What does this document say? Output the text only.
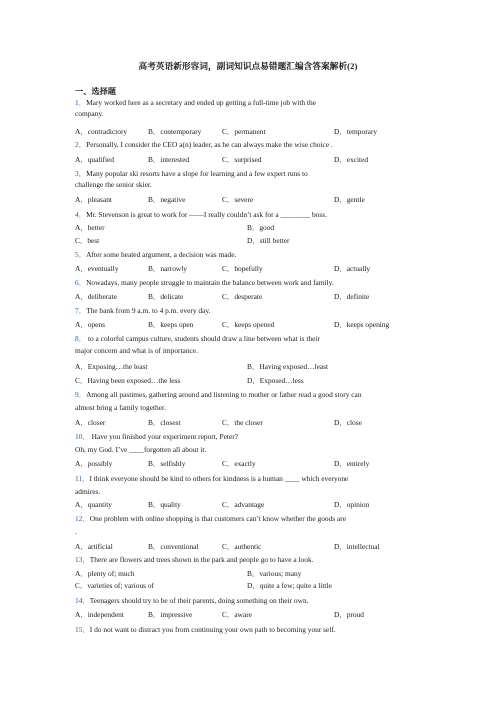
高考英语新形容词，副词知识点易错题汇编含答案解析(2)
一、选择题
1．Mary worked here as a secretary and ended up getting a full-time job with the
company.
A．contradictory	B．contemporary	C．permanent	D．temporary
2．Personally, I consider the CEO a(n) leader, as he can always make the wise choice .
A．qualified	B．interested	C．surprised	D．excited
3．Many popular ski resorts have a slope for learning and a few expert runs to
challenge the senior skier.
A．pleasant	B．negative	C．severe	D．gentle
4．Mr. Stevenson is great to work for ——I really couldn’t ask for a ________ boss.
A．better	B．good
C．best	D．still better
5．After some heated argument, a decision was made.
A．eventually	B．narrowly	C．hopefully	D．actually
6．Nowadays, many people struggle to maintain the balance between work and family.
A．deliberate	B．delicate	C．desperate	D．definite
7．The bank from 9 a.m. to 4 p.m. every day.
A．opens	B．keeps open	C．keeps opened	D．keeps opening
8． to a colorful campus culture, students should draw a line between what is their
major concern and what is of importance.
A．Exposing…the least	B．Having exposed…least
C．Having been exposed…the less	D．Exposed…less
9．Among all pastimes, gathering around and listening to mother or father read a good story can
almost bring a family together.
A．closer	B．closest	C．the closer	D．close
10． Have you finished your experiment report, Peter?
Oh, my God. I’ve ____forgotten all about it.
A．possibly	B．selfishly	C．exactly	D．entirely
11．I think everyone should be kind to others for kindness is a human ____ which everyone
admires.
A．quantity	B．quality	C．advantage	D．opinion
12．One problem with online shopping is that customers can’t know whether the goods are
.
A．artificial	B．conventional	C．authentic	D．intellectual
13．There are flowers and trees shown in the park and people go to have a look.
A．plenty of; much	B．various; many
C．varieties of; various of	D．quite a few; quite a little
14．Teenagers should try to be of their parents, doing something on their own.
A．independent	B．impressive	C．aware	D．proud
15．I do not want to distract you from continuing your own path to becoming your self.
